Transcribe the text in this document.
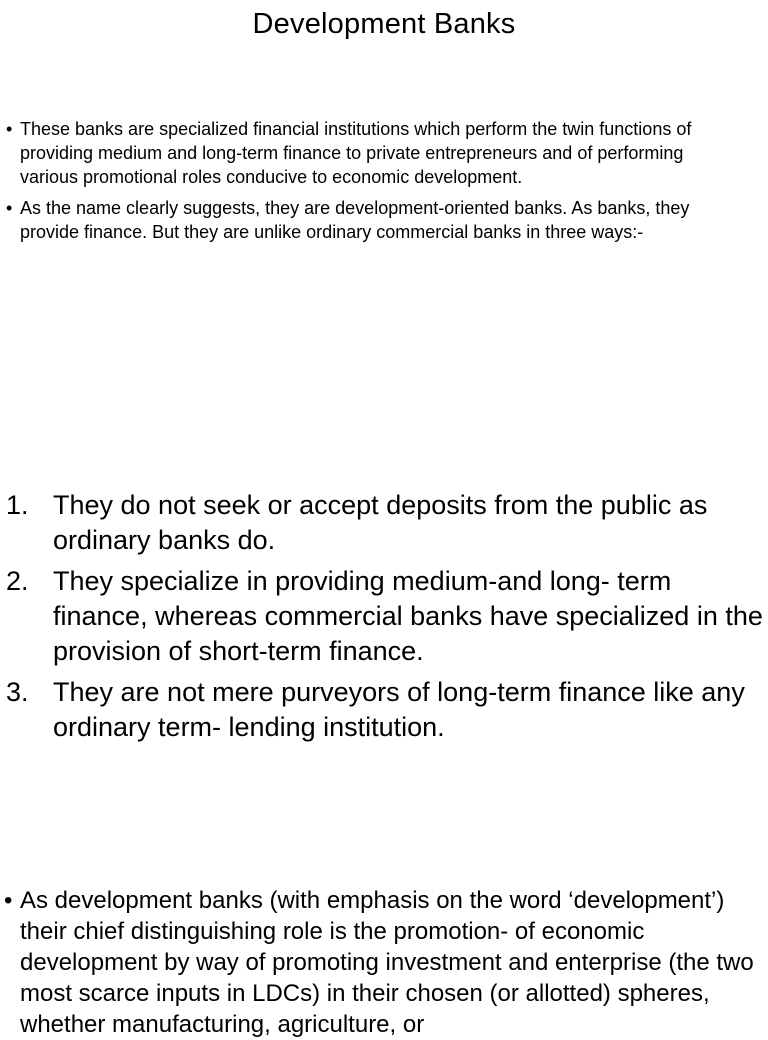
Development Banks
• These banks are specialized financial institutions which perform the twin functions of providing medium and long-term finance to private entrepreneurs and of performing various promotional roles conducive to economic development.
• As the name clearly suggests, they are development-oriented banks. As banks, they provide finance. But they are unlike ordinary commercial banks in three ways:-
1. They do not seek or accept deposits from the public as ordinary banks do.
2. They specialize in providing medium-and long- term finance, whereas commercial banks have specialized in the provision of short-term finance.
3. They are not mere purveyors of long-term finance like any ordinary term- lending institution.
• As development banks (with emphasis on the word ‘development’) their chief distinguishing role is the promotion- of economic development by way of promoting investment and enterprise (the two most scarce inputs in LDCs) in their chosen (or allotted) spheres, whether manufacturing, agriculture, or
